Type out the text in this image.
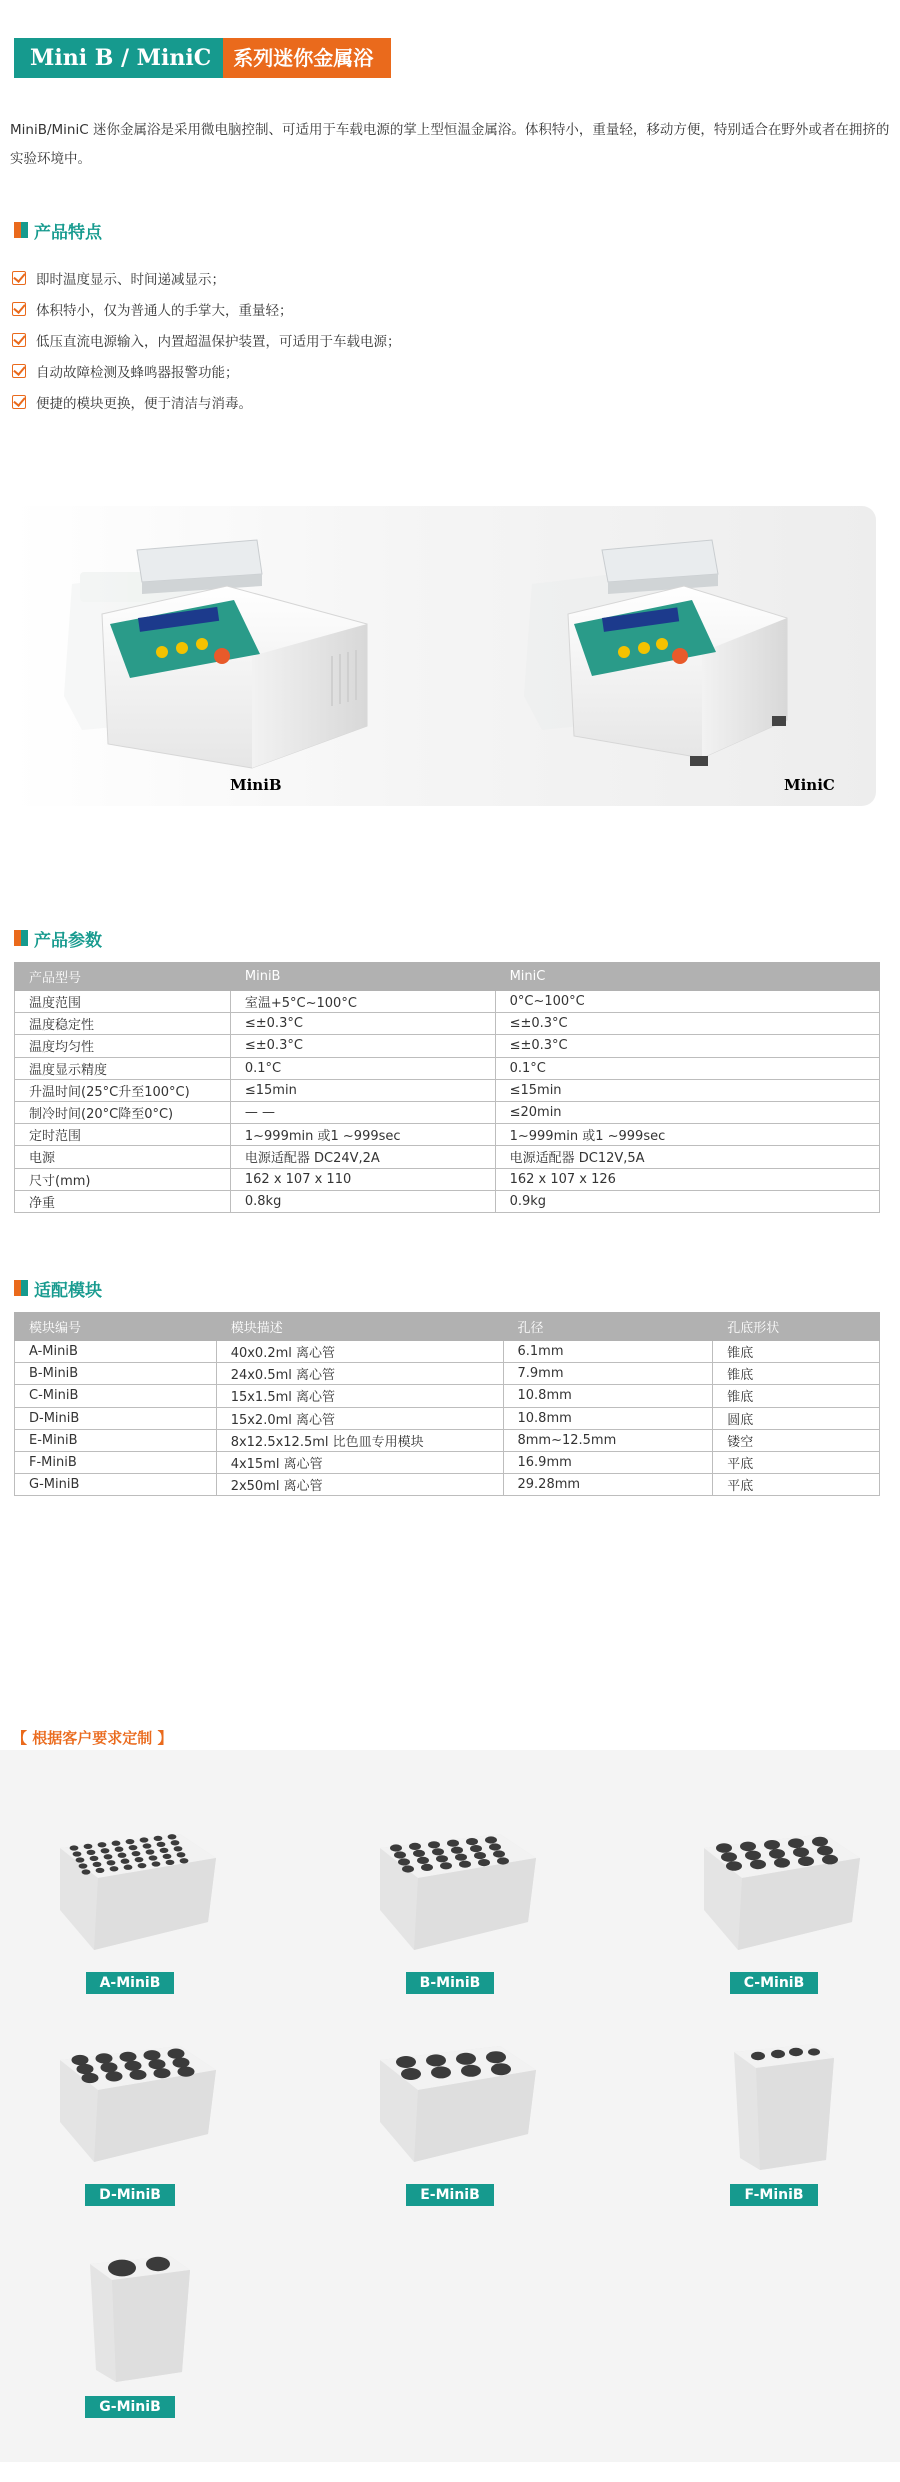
Mini B / MiniC	系列迷你金属浴

MiniB/MiniC 迷你金属浴是采用微电脑控制、可适用于车载电源的掌上型恒温金属浴。体积特小，重量轻，移动方便，特别适合在野外或者在拥挤的实验环境中。

产品特点
即时温度显示、时间递减显示；
体积特小，仅为普通人的手掌大，重量轻；
低压直流电源输入，内置超温保护装置，可适用于车载电源；
自动故障检测及蜂鸣器报警功能；
便捷的模块更换，便于清洁与消毒。
MiniB	MiniC
产品参数
产品型号	MiniB	MiniC
温度范围	室温+5°C~100°C	0°C~100°C
温度稳定性	≤±0.3°C	≤±0.3°C
温度均匀性	≤±0.3°C	≤±0.3°C
温度显示精度	0.1°C	0.1°C
升温时间(25°C升至100°C)	≤15min	≤15min
制冷时间(20°C降至0°C)	— —	≤20min
定时范围	1~999min 或1 ~999sec	1~999min 或1 ~999sec
电源	电源适配器 DC24V,2A	电源适配器 DC12V,5A
尺寸(mm)	162 x 107 x 110	162 x 107 x 126
净重	0.8kg	0.9kg
适配模块
模块编号	模块描述	孔径	孔底形状
A-MiniB	40x0.2ml 离心管	6.1mm	锥底
B-MiniB	24x0.5ml 离心管	7.9mm	锥底
C-MiniB	15x1.5ml 离心管	10.8mm	锥底
D-MiniB	15x2.0ml 离心管	10.8mm	圆底
E-MiniB	8x12.5x12.5ml 比色皿专用模块	8mm~12.5mm	镂空
F-MiniB	4x15ml 离心管	16.9mm	平底
G-MiniB	2x50ml 离心管	29.28mm	平底
【 根据客户要求定制 】
A-MiniB	B-MiniB	C-MiniB
D-MiniB	E-MiniB	F-MiniB
G-MiniB
